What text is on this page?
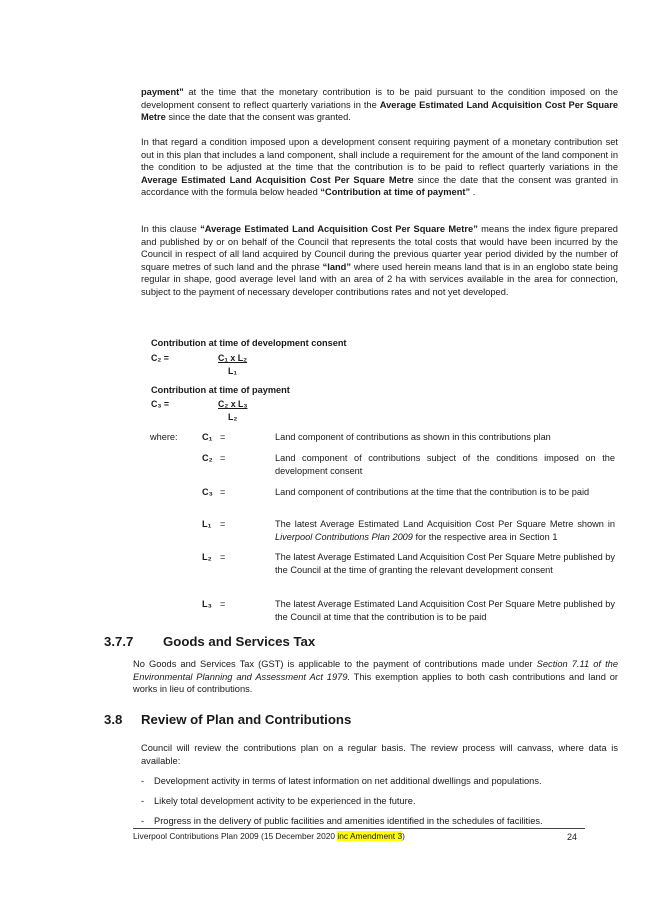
payment" at the time that the monetary contribution is to be paid pursuant to the condition imposed on the development consent to reflect quarterly variations in the Average Estimated Land Acquisition Cost Per Square Metre since the date that the consent was granted.

In that regard a condition imposed upon a development consent requiring payment of a monetary contribution set out in this plan that includes a land component, shall include a requirement for the amount of the land component in the condition to be adjusted at the time that the contribution is to be paid to reflect quarterly variations in the Average Estimated Land Acquisition Cost Per Square Metre since the date that the consent was granted in accordance with the formula below headed “Contribution at time of payment” .

In this clause “Average Estimated Land Acquisition Cost Per Square Metre” means the index figure prepared and published by or on behalf of the Council that represents the total costs that would have been incurred by the Council in respect of all land acquired by Council during the previous quarter year period divided by the number of square metres of such land and the phrase “land” where used herein means land that is in an englobo state being regular in shape, good average level land with an area of 2 ha with services available in the area for connection, subject to the payment of necessary developer contributions rates and not yet developed.

Contribution at time of development consent
C₂ =	C₁ x L₂
L₁
Contribution at time of payment
C₃ =	C₂ x L₃
L₂
where:	C₁ =	Land component of contributions as shown in this contributions plan
C₂ =	Land component of contributions subject of the conditions imposed on the development consent
C₃ =	Land component of contributions at the time that the contribution is to be paid
L₁ =	The latest Average Estimated Land Acquisition Cost Per Square Metre shown in Liverpool Contributions Plan 2009 for the respective area in Section 1
L₂ =	The latest Average Estimated Land Acquisition Cost Per Square Metre published by the Council at the time of granting the relevant development consent
L₃ =	The latest Average Estimated Land Acquisition Cost Per Square Metre published by the Council at time that the contribution is to be paid
3.7.7 Goods and Services Tax

No Goods and Services Tax (GST) is applicable to the payment of contributions made under Section 7.11 of the Environmental Planning and Assessment Act 1979. This exemption applies to both cash contributions and land or works in lieu of contributions.

3.8 Review of Plan and Contributions

Council will review the contributions plan on a regular basis. The review process will canvass, where data is available:

- Development activity in terms of latest information on net additional dwellings and populations.
- Likely total development activity to be experienced in the future.
- Progress in the delivery of public facilities and amenities identified in the schedules of facilities.
Liverpool Contributions Plan 2009 (15 December 2020 inc Amendment 3)	24
